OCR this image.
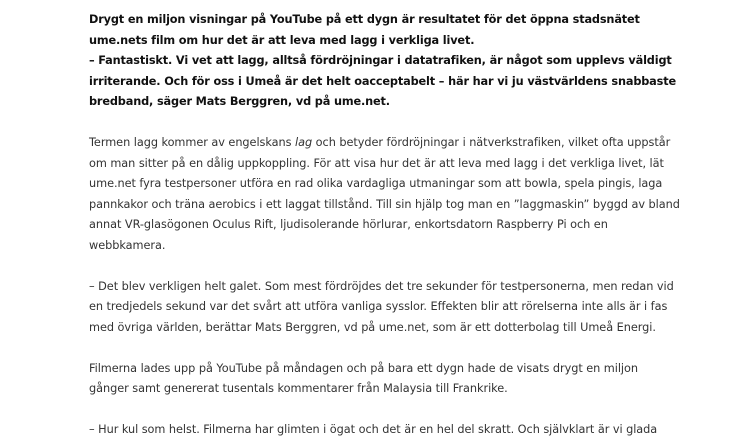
Drygt en miljon visningar på YouTube på ett dygn är resultatet för det öppna stadsnätet
ume.nets film om hur det är att leva med lagg i verkliga livet.
– Fantastiskt. Vi vet att lagg, alltså fördröjningar i datatrafiken, är något som upplevs väldigt
irriterande. Och för oss i Umeå är det helt oacceptabelt – här har vi ju västvärldens snabbaste
bredband, säger Mats Berggren, vd på ume.net.

Termen lagg kommer av engelskans lag och betyder fördröjningar i nätverkstrafiken, vilket ofta uppstår
om man sitter på en dålig uppkoppling. För att visa hur det är att leva med lagg i det verkliga livet, lät
ume.net fyra testpersoner utföra en rad olika vardagliga utmaningar som att bowla, spela pingis, laga
pannkakor och träna aerobics i ett laggat tillstånd. Till sin hjälp tog man en ”laggmaskin” byggd av bland
annat VR-glasögonen Oculus Rift, ljudisolerande hörlurar, enkortsdatorn Raspberry Pi och en
webbkamera.

– Det blev verkligen helt galet. Som mest fördröjdes det tre sekunder för testpersonerna, men redan vid
en tredjedels sekund var det svårt att utföra vanliga sysslor. Effekten blir att rörelserna inte alls är i fas
med övriga världen, berättar Mats Berggren, vd på ume.net, som är ett dotterbolag till Umeå Energi.

Filmerna lades upp på YouTube på måndagen och på bara ett dygn hade de visats drygt en miljon
gånger samt genererat tusentals kommentarer från Malaysia till Frankrike.

– Hur kul som helst. Filmerna har glimten i ögat och det är en hel del skratt. Och självklart är vi glada
